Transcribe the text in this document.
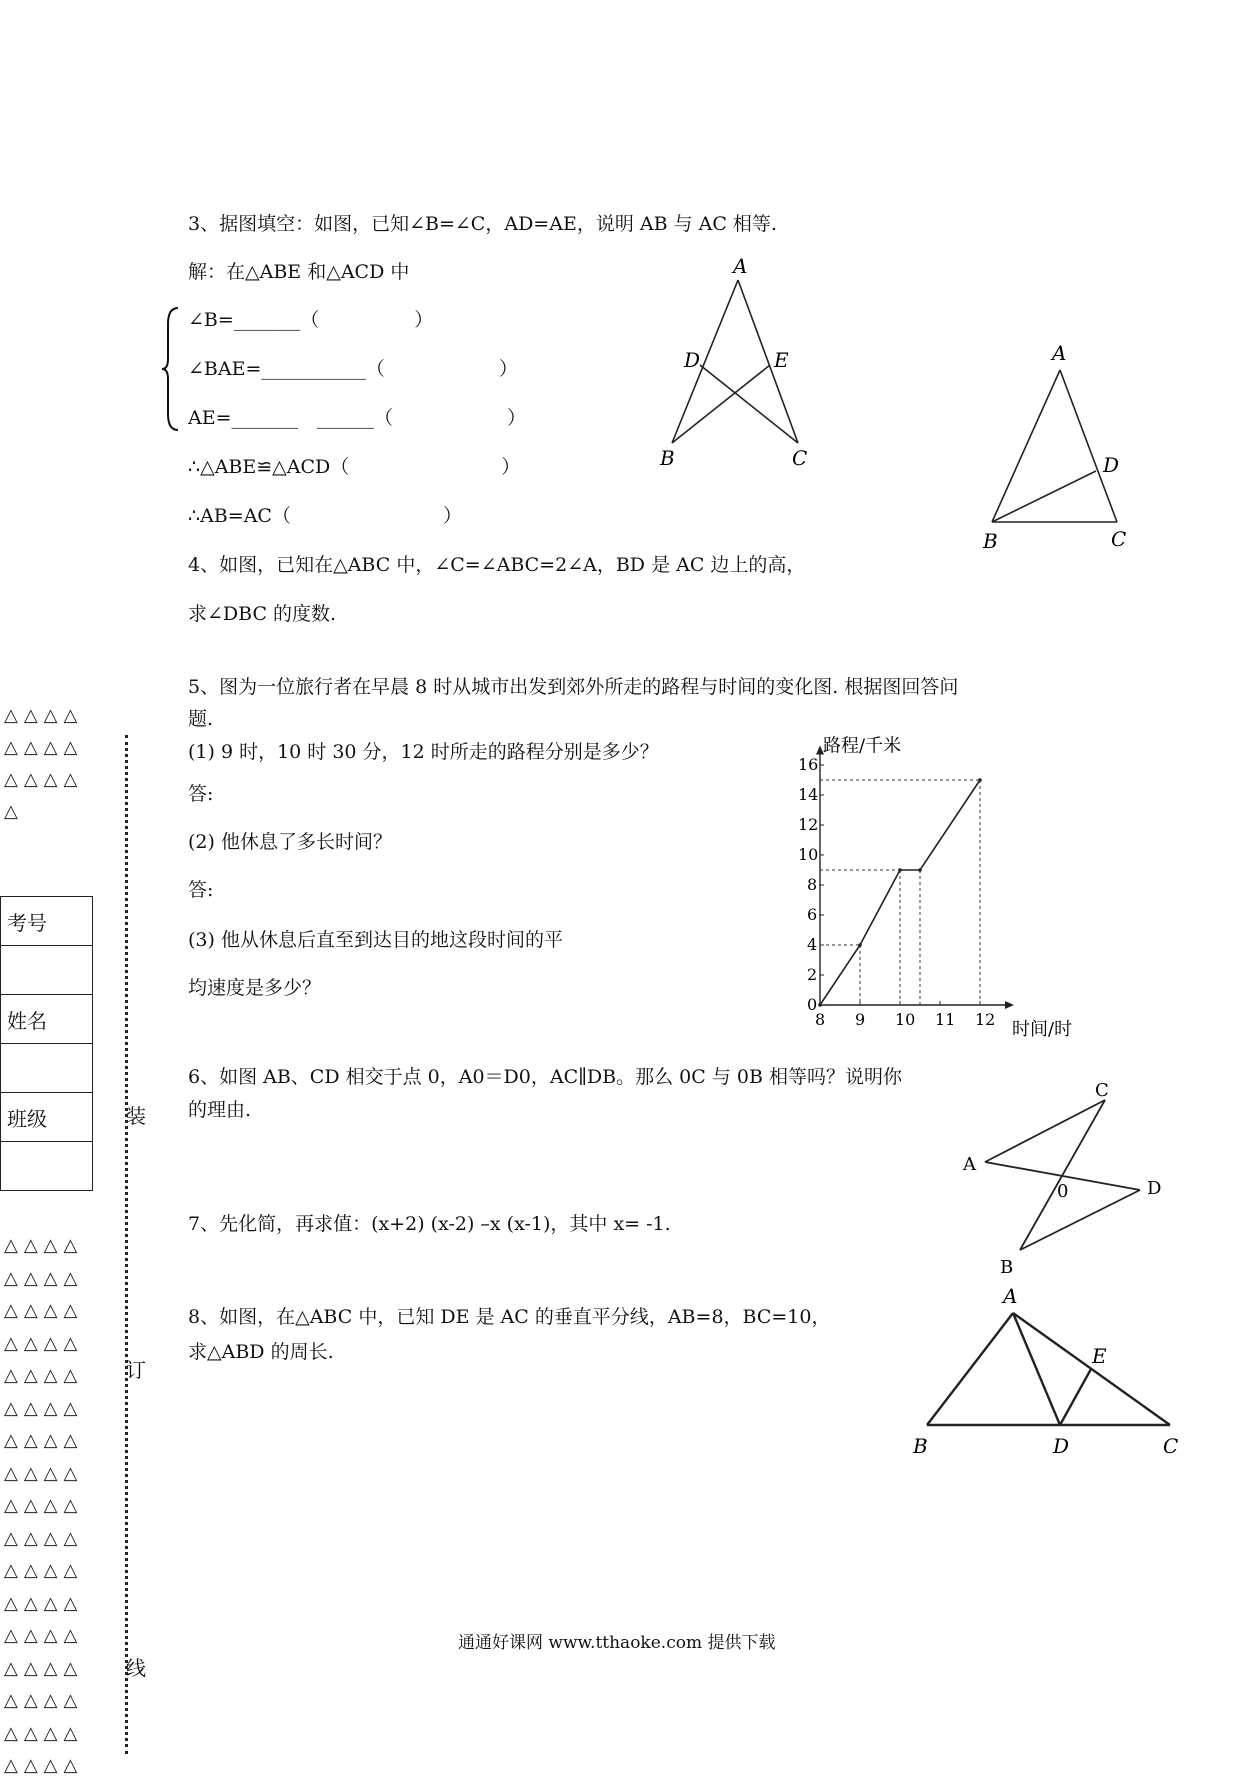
△△△△
△△△△
△△△△
△
△△△△
△△△△
△△△△
△△△△
△△△△
△△△△
△△△△
△△△△
△△△△
△△△△
△△△△
△△△△
△△△△
△△△△
△△△△
△△△△
△△△△
考号

姓名

班级	装
订
线
3、据图填空：如图，已知∠B=∠C，AD=AE，说明 AB 与 AC 相等.
解：在△ABE 和△ACD 中
∠B=_______（　　　　　）
∠BAE=___________（　　　　　　）
AE=_______　______（　　　　　　）
∴△ABE≌△ACD（　　　　　　　　）
∴AB=AC（　　　　　　　　）
A
B	C
D	E	A
B	C
D
4、如图，已知在△ABC 中，∠C=∠ABC=2∠A，BD 是 AC 边上的高，
求∠DBC 的度数.
5、图为一位旅行者在早晨 8 时从城市出发到郊外所走的路程与时间的变化图. 根据图回答问
题.
(1) 9 时，10 时 30 分，12 时所走的路程分别是多少？
答:
(2) 他休息了多长时间？
答:
(3) 他从休息后直至到达目的地这段时间的平
均速度是多少？
8 9 10 11 12
0
2
4
6
8
10
12
14
16
路程/千米
时间/时
6、如图 AB、CD 相交于点 0，A0＝D0，AC∥DB。那么 0C 与 0B 相等吗？说明你
的理由.
C
A
0	D
B
7、先化简，再求值：(x+2) (x-2) –x (x-1)，其中 x= -1.
8、如图，在△ABC 中，已知 DE 是 AC 的垂直平分线，AB=8，BC=10，
求△ABD 的周长.
A
B	D	C
E
通通好课网 www.tthaoke.com 提供下载
